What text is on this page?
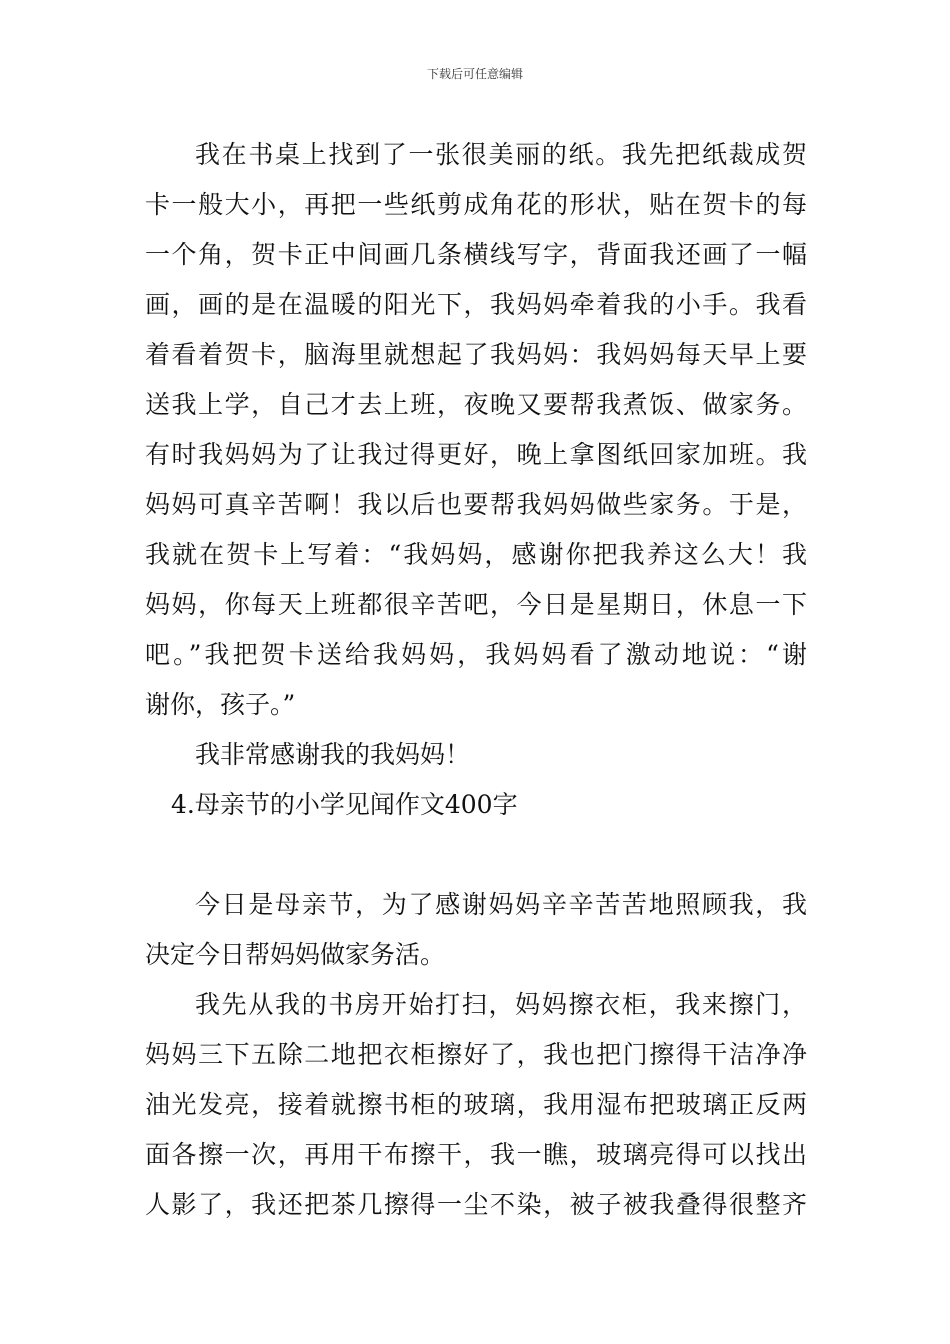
下载后可任意编辑
我在书桌上找到了一张很美丽的纸。我先把纸裁成贺
卡一般大小，再把一些纸剪成角花的形状，贴在贺卡的每
一个角，贺卡正中间画几条横线写字，背面我还画了一幅
画，画的是在温暖的阳光下，我妈妈牵着我的小手。我看
着看着贺卡，脑海里就想起了我妈妈：我妈妈每天早上要
送我上学，自己才去上班，夜晚又要帮我煮饭、做家务。
有时我妈妈为了让我过得更好，晚上拿图纸回家加班。我
妈妈可真辛苦啊！我以后也要帮我妈妈做些家务。于是，
我就在贺卡上写着：“我妈妈，感谢你把我养这么大！我
妈妈，你每天上班都很辛苦吧，今日是星期日，休息一下
吧。”我把贺卡送给我妈妈，我妈妈看了激动地说：“谢
谢你，孩子。”
我非常感谢我的我妈妈！
4.母亲节的小学见闻作文400字
今日是母亲节，为了感谢妈妈辛辛苦苦地照顾我，我
决定今日帮妈妈做家务活。
我先从我的书房开始打扫，妈妈擦衣柜，我来擦门，
妈妈三下五除二地把衣柜擦好了，我也把门擦得干洁净净
油光发亮，接着就擦书柜的玻璃，我用湿布把玻璃正反两
面各擦一次，再用干布擦干，我一瞧，玻璃亮得可以找出
人影了，我还把茶几擦得一尘不染，被子被我叠得很整齐
